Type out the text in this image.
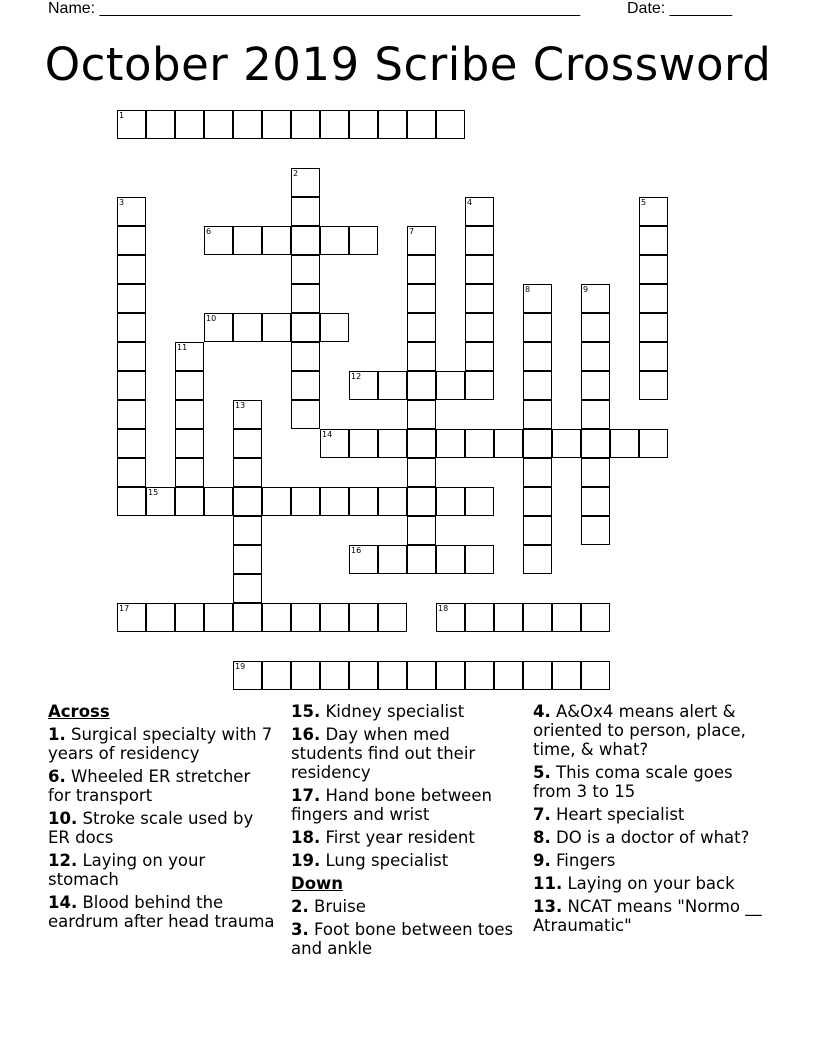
Name: ______________________________________________________	Date: _______
October 2019 Scribe Crossword
1
2
3	4	5
6	7
8	9
10
11
12
13
14
15
16
17	18
19
Across
1. Surgical specialty with 7 years of residency
6. Wheeled ER stretcher for transport
10. Stroke scale used by ER docs
12. Laying on your stomach
14. Blood behind the eardrum after head trauma
15. Kidney specialist
16. Day when med students find out their residency
17. Hand bone between fingers and wrist
18. First year resident
19. Lung specialist
Down
2. Bruise
3. Foot bone between toes and ankle
4. A&Ox4 means alert & oriented to person, place, time, & what?
5. This coma scale goes from 3 to 15
7. Heart specialist
8. DO is a doctor of what?
9. Fingers
11. Laying on your back
13. NCAT means "Normo __ Atraumatic"
